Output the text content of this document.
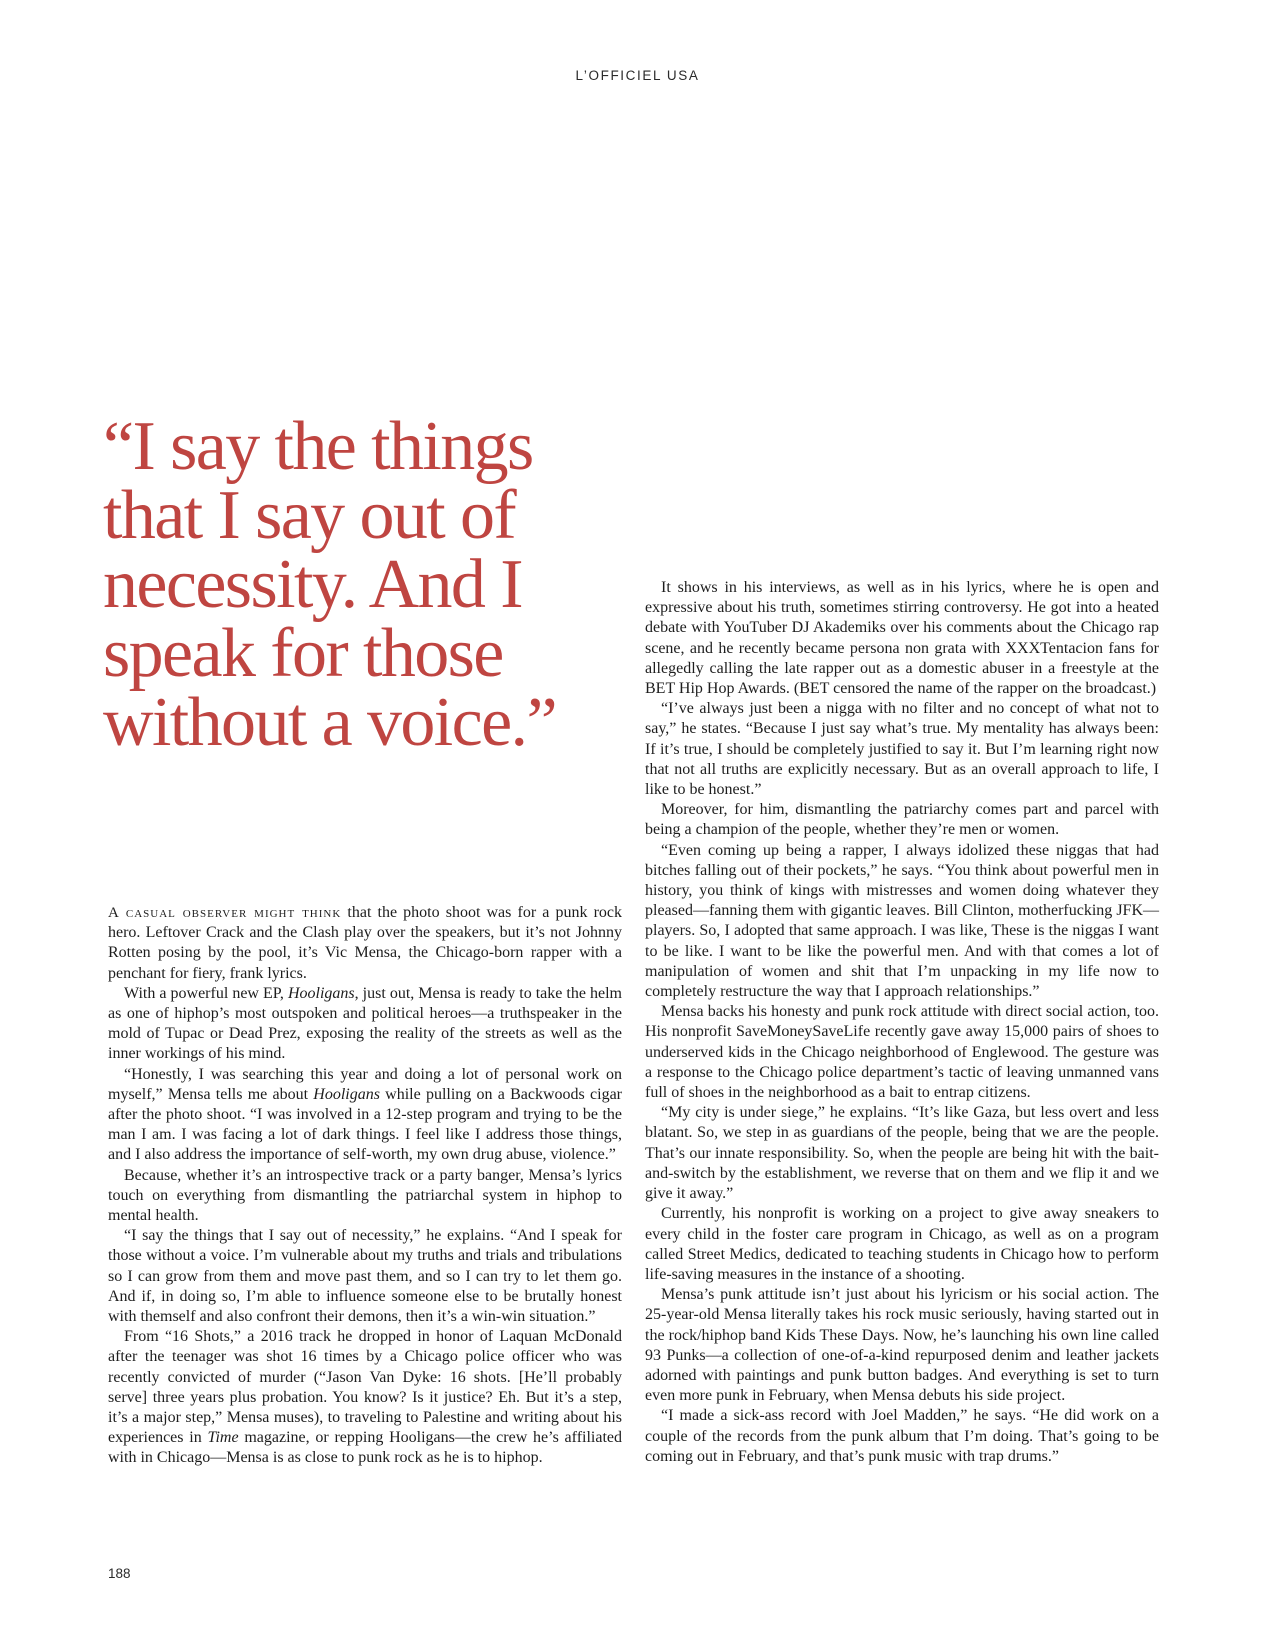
L’OFFICIEL USA
“I say the things that I say out of necessity. And I speak for those without a voice.”

A casual observer might think that the photo shoot was for a punk rock hero. Leftover Crack and the Clash play over the speakers, but it’s not Johnny Rotten posing by the pool, it’s Vic Mensa, the Chicago-born rapper with a penchant for fiery, frank lyrics.

With a powerful new EP, Hooligans, just out, Mensa is ready to take the helm as one of hiphop’s most outspoken and political heroes—a truthspeaker in the mold of Tupac or Dead Prez, exposing the reality of the streets as well as the inner workings of his mind.

“Honestly, I was searching this year and doing a lot of personal work on myself,” Mensa tells me about Hooligans while pulling on a Backwoods cigar after the photo shoot. “I was involved in a 12-step program and trying to be the man I am. I was facing a lot of dark things. I feel like I address those things, and I also address the importance of self-worth, my own drug abuse, violence.”

Because, whether it’s an introspective track or a party banger, Mensa’s lyrics touch on everything from dismantling the patriarchal system in hiphop to mental health.

“I say the things that I say out of necessity,” he explains. “And I speak for those without a voice. I’m vulnerable about my truths and trials and tribulations so I can grow from them and move past them, and so I can try to let them go. And if, in doing so, I’m able to influence someone else to be brutally honest with themself and also confront their demons, then it’s a win-win situation.”

From “16 Shots,” a 2016 track he dropped in honor of Laquan McDonald after the teenager was shot 16 times by a Chicago police officer who was recently convicted of murder (“Jason Van Dyke: 16 shots. [He’ll probably serve] three years plus probation. You know? Is it justice? Eh. But it’s a step, it’s a major step,” Mensa muses), to traveling to Palestine and writing about his experiences in Time magazine, or repping Hooligans—the crew he’s affiliated with in Chicago—Mensa is as close to punk rock as he is to hiphop.

It shows in his interviews, as well as in his lyrics, where he is open and expressive about his truth, sometimes stirring controversy. He got into a heated debate with YouTuber DJ Akademiks over his comments about the Chicago rap scene, and he recently became persona non grata with XXXTentacion fans for allegedly calling the late rapper out as a domestic abuser in a freestyle at the BET Hip Hop Awards. (BET censored the name of the rapper on the broadcast.)

“I’ve always just been a nigga with no filter and no concept of what not to say,” he states. “Because I just say what’s true. My mentality has always been: If it’s true, I should be completely justified to say it. But I’m learning right now that not all truths are explicitly necessary. But as an overall approach to life, I like to be honest.”

Moreover, for him, dismantling the patriarchy comes part and parcel with being a champion of the people, whether they’re men or women.

“Even coming up being a rapper, I always idolized these niggas that had bitches falling out of their pockets,” he says. “You think about powerful men in history, you think of kings with mistresses and women doing whatever they pleased—fanning them with gigantic leaves. Bill Clinton, motherfucking JFK—players. So, I adopted that same approach. I was like, These is the niggas I want to be like. I want to be like the powerful men. And with that comes a lot of manipulation of women and shit that I’m unpacking in my life now to completely restructure the way that I approach relationships.”

Mensa backs his honesty and punk rock attitude with direct social action, too. His nonprofit SaveMoneySaveLife recently gave away 15,000 pairs of shoes to underserved kids in the Chicago neighborhood of Englewood. The gesture was a response to the Chicago police department’s tactic of leaving unmanned vans full of shoes in the neighborhood as a bait to entrap citizens.

“My city is under siege,” he explains. “It’s like Gaza, but less overt and less blatant. So, we step in as guardians of the people, being that we are the people. That’s our innate responsibility. So, when the people are being hit with the bait-and-switch by the establishment, we reverse that on them and we flip it and we give it away.”

Currently, his nonprofit is working on a project to give away sneakers to every child in the foster care program in Chicago, as well as on a program called Street Medics, dedicated to teaching students in Chicago how to perform life-saving measures in the instance of a shooting.

Mensa’s punk attitude isn’t just about his lyricism or his social action. The 25-year-old Mensa literally takes his rock music seriously, having started out in the rock/hiphop band Kids These Days. Now, he’s launching his own line called 93 Punks—a collection of one-of-a-kind repurposed denim and leather jackets adorned with paintings and punk button badges. And everything is set to turn even more punk in February, when Mensa debuts his side project.

“I made a sick-ass record with Joel Madden,” he says. “He did work on a couple of the records from the punk album that I’m doing. That’s going to be coming out in February, and that’s punk music with trap drums.”

188
